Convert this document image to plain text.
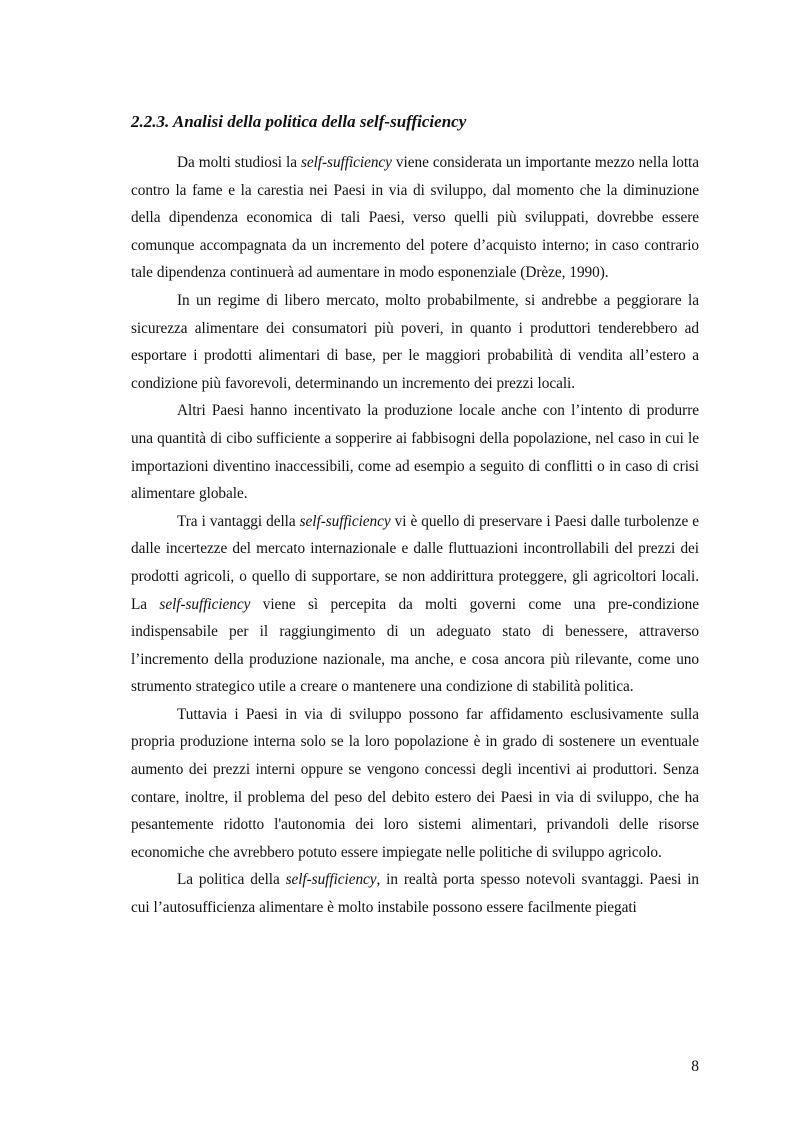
2.2.3. Analisi della politica della self-sufficiency

Da molti studiosi la self-sufficiency viene considerata un importante mezzo nella lotta contro la fame e la carestia nei Paesi in via di sviluppo, dal momento che la diminuzione della dipendenza economica di tali Paesi, verso quelli più sviluppati, dovrebbe essere comunque accompagnata da un incremento del potere d’acquisto interno; in caso contrario tale dipendenza continuerà ad aumentare in modo esponenziale (Drèze, 1990).

In un regime di libero mercato, molto probabilmente, si andrebbe a peggiorare la sicurezza alimentare dei consumatori più poveri, in quanto i produttori tenderebbero ad esportare i prodotti alimentari di base, per le maggiori probabilità di vendita all’estero a condizione più favorevoli, determinando un incremento dei prezzi locali.

Altri Paesi hanno incentivato la produzione locale anche con l’intento di produrre una quantità di cibo sufficiente a sopperire ai fabbisogni della popolazione, nel caso in cui le importazioni diventino inaccessibili, come ad esempio a seguito di conflitti o in caso di crisi alimentare globale.

Tra i vantaggi della self-sufficiency vi è quello di preservare i Paesi dalle turbolenze e dalle incertezze del mercato internazionale e dalle fluttuazioni incontrollabili del prezzi dei prodotti agricoli, o quello di supportare, se non addirittura proteggere, gli agricoltori locali. La self-sufficiency viene sì percepita da molti governi come una pre-condizione indispensabile per il raggiungimento di un adeguato stato di benessere, attraverso l’incremento della produzione nazionale, ma anche, e cosa ancora più rilevante, come uno strumento strategico utile a creare o mantenere una condizione di stabilità politica.

Tuttavia i Paesi in via di sviluppo possono far affidamento esclusivamente sulla propria produzione interna solo se la loro popolazione è in grado di sostenere un eventuale aumento dei prezzi interni oppure se vengono concessi degli incentivi ai produttori. Senza contare, inoltre, il problema del peso del debito estero dei Paesi in via di sviluppo, che ha pesantemente ridotto l'autonomia dei loro sistemi alimentari, privandoli delle risorse economiche che avrebbero potuto essere impiegate nelle politiche di sviluppo agricolo.

La politica della self-sufficiency, in realtà porta spesso notevoli svantaggi. Paesi in cui l’autosufficienza alimentare è molto instabile possono essere facilmente piegati

8
